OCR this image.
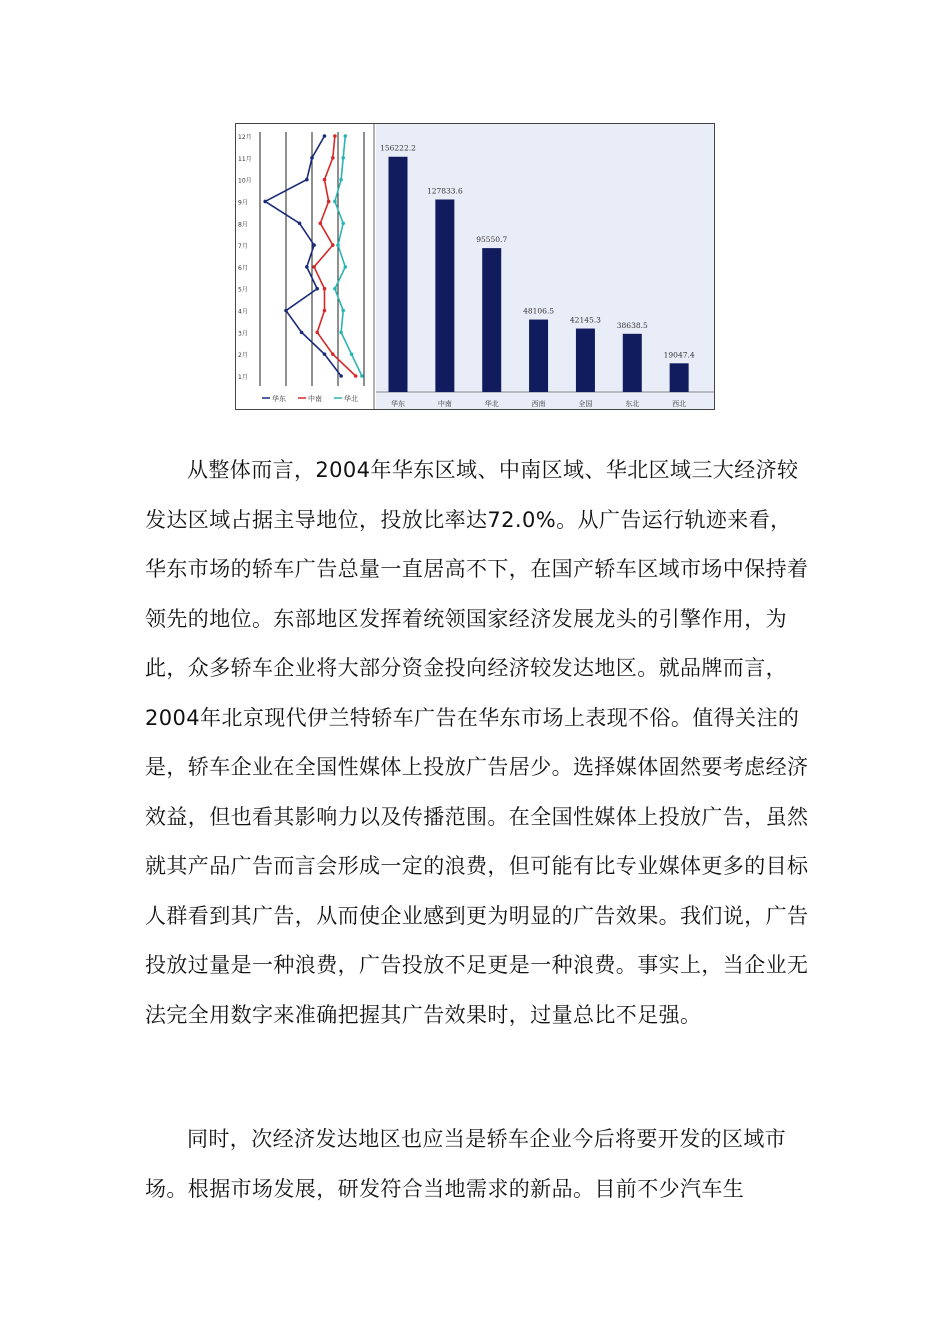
12月
11月
10月
9月
8月
7月
6月
5月
4月
3月
2月
1月
华东	中南	华北
156222.2
华东
127833.6
中南
95550.7
华北
48106.5
西南
42145.3
全国
38638.5
东北
19047.4
西北

从整体而言，2004年华东区域、中南区域、华北区域三大经济较发达区域占据主导地位，投放比率达72.0%。从广告运行轨迹来看，华东市场的轿车广告总量一直居高不下，在国产轿车区域市场中保持着领先的地位。东部地区发挥着统领国家经济发展龙头的引擎作用，为此，众多轿车企业将大部分资金投向经济较发达地区。就品牌而言，2004年北京现代伊兰特轿车广告在华东市场上表现不俗。值得关注的是，轿车企业在全国性媒体上投放广告居少。选择媒体固然要考虑经济效益，但也看其影响力以及传播范围。在全国性媒体上投放广告，虽然就其产品广告而言会形成一定的浪费，但可能有比专业媒体更多的目标人群看到其广告，从而使企业感到更为明显的广告效果。我们说，广告投放过量是一种浪费，广告投放不足更是一种浪费。事实上，当企业无法完全用数字来准确把握其广告效果时，过量总比不足强。

同时，次经济发达地区也应当是轿车企业今后将要开发的区域市场。根据市场发展，研发符合当地需求的新品。目前不少汽车生
